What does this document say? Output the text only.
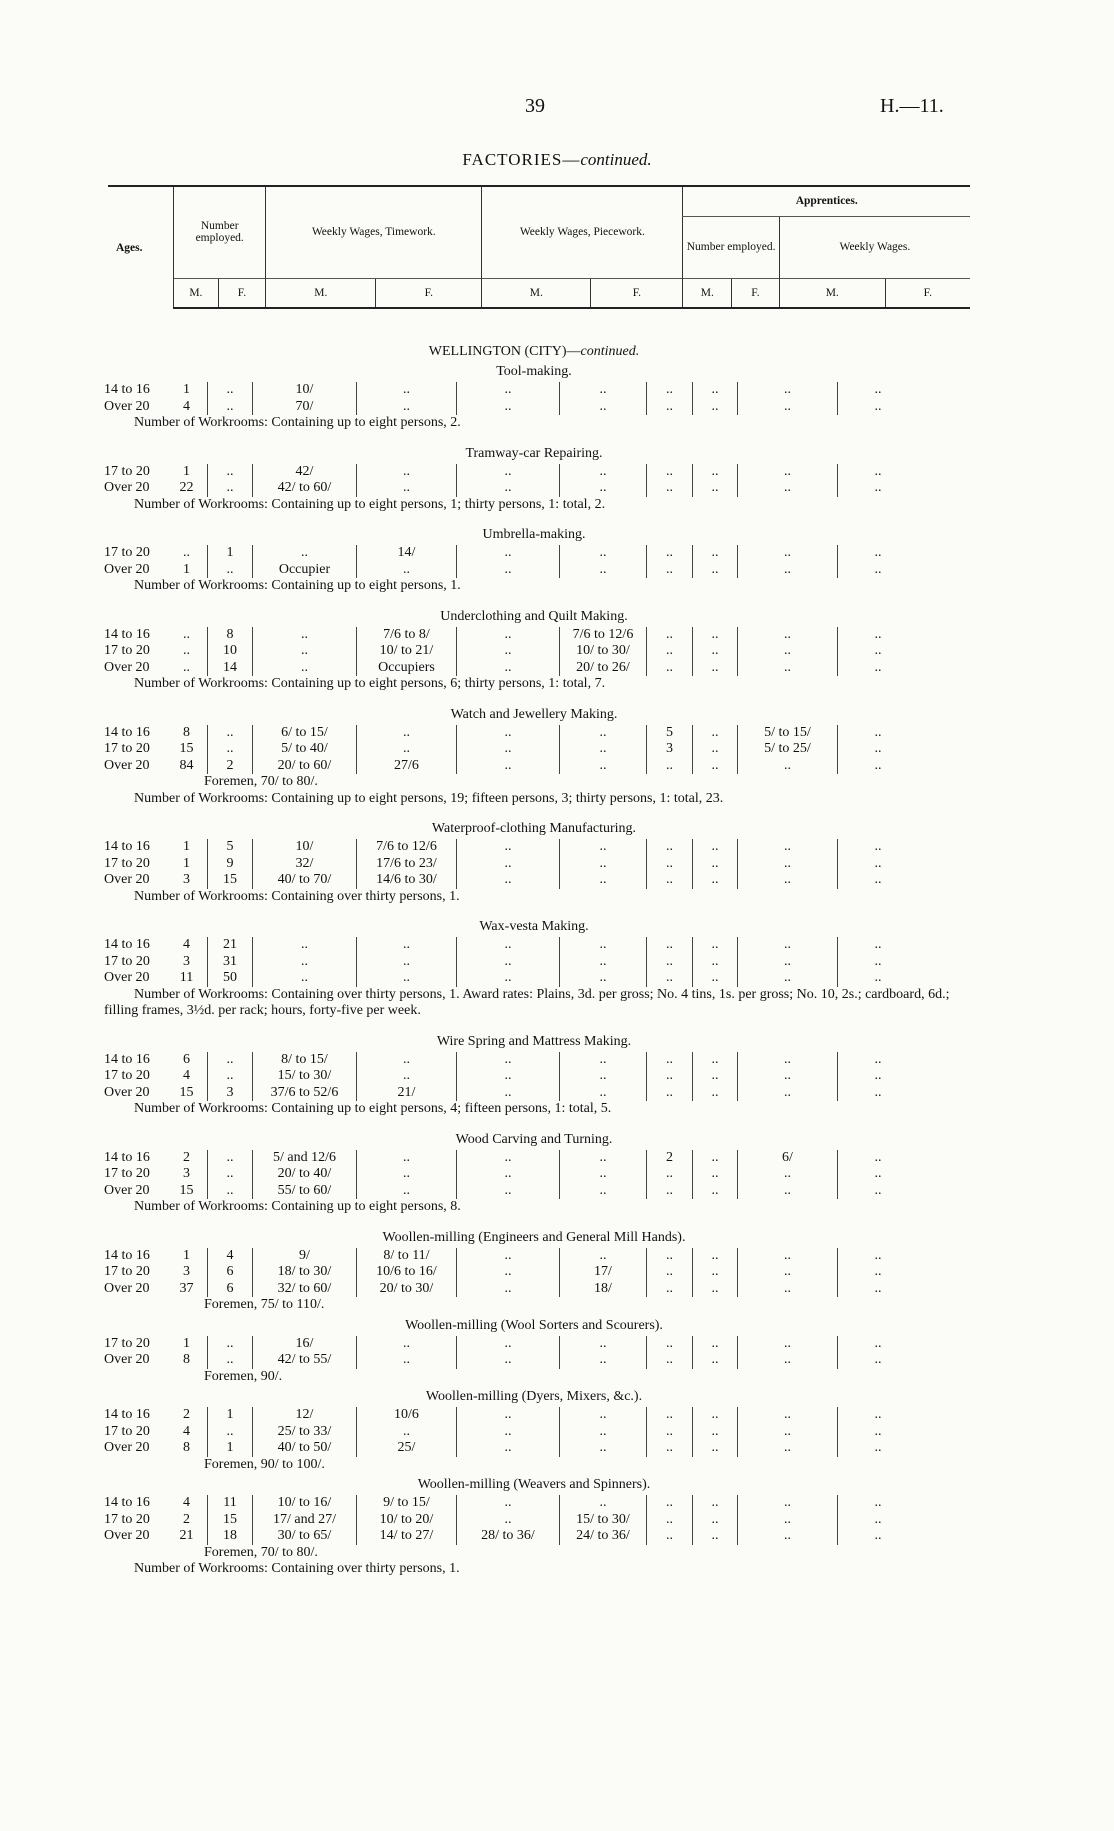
39	H.—11.
FACTORIES—continued.
Ages.	Number employed.		Weekly Wages, Timework.		Weekly Wages, Piecework.		Apprentices.			
							Number employed.		Weekly Wages.	
	M.	F.	M.	F.	M.	F.	M.	F.	M.	F.
WELLINGTON (CITY)—continued.
Tool-making.
14 to 16	1	..	10/	..	..	..	..	..	..	..
Over 20	4	..	70/	..	..	..	..	..	..	..
Number of Workrooms: Containing up to eight persons, 2.
Tramway-car Repairing.
17 to 20	1	..	42/	..	..	..	..	..	..	..
Over 20	22	..	42/ to 60/	..	..	..	..	..	..	..
Number of Workrooms: Containing up to eight persons, 1; thirty persons, 1: total, 2.
Umbrella-making.
17 to 20	..	1	..	14/	..	..	..	..	..	..
Over 20	1	..	Occupier	..	..	..	..	..	..	..
Number of Workrooms: Containing up to eight persons, 1.
Underclothing and Quilt Making.
14 to 16	..	8	..	7/6 to 8/	..	7/6 to 12/6	..	..	..	..
17 to 20	..	10	..	10/ to 21/	..	10/ to 30/	..	..	..	..
Over 20	..	14	..	Occupiers	..	20/ to 26/	..	..	..	..
Number of Workrooms: Containing up to eight persons, 6; thirty persons, 1: total, 7.
Watch and Jewellery Making.
14 to 16	8	..	6/ to 15/	..	..	..	5	..	5/ to 15/	..
17 to 20	15	..	5/ to 40/	..	..	..	3	..	5/ to 25/	..
Over 20	84	2	20/ to 60/	27/6	..	..	..	..	..	..
Foremen, 70/ to 80/.
Number of Workrooms: Containing up to eight persons, 19; fifteen persons, 3; thirty persons, 1: total, 23.
Waterproof-clothing Manufacturing.
14 to 16	1	5	10/	7/6 to 12/6	..	..	..	..	..	..
17 to 20	1	9	32/	17/6 to 23/	..	..	..	..	..	..
Over 20	3	15	40/ to 70/	14/6 to 30/	..	..	..	..	..	..
Number of Workrooms: Containing over thirty persons, 1.
Wax-vesta Making.
14 to 16	4	21	..	..	..	..	..	..	..	..
17 to 20	3	31	..	..	..	..	..	..	..	..
Over 20	11	50	..	..	..	..	..	..	..	..
Number of Workrooms: Containing over thirty persons, 1. Award rates: Plains, 3d. per gross; No. 4 tins, 1s. per gross; No. 10, 2s.; cardboard, 6d.; filling frames, 3½d. per rack; hours, forty-five per week.
Wire Spring and Mattress Making.
14 to 16	6	..	8/ to 15/	..	..	..	..	..	..	..
17 to 20	4	..	15/ to 30/	..	..	..	..	..	..	..
Over 20	15	3	37/6 to 52/6	21/	..	..	..	..	..	..
Number of Workrooms: Containing up to eight persons, 4; fifteen persons, 1: total, 5.
Wood Carving and Turning.
14 to 16	2	..	5/ and 12/6	..	..	..	2	..	6/	..
17 to 20	3	..	20/ to 40/	..	..	..	..	..	..	..
Over 20	15	..	55/ to 60/	..	..	..	..	..	..	..
Number of Workrooms: Containing up to eight persons, 8.
Woollen-milling (Engineers and General Mill Hands).
14 to 16	1	4	9/	8/ to 11/	..	..	..	..	..	..
17 to 20	3	6	18/ to 30/	10/6 to 16/	..	17/	..	..	..	..
Over 20	37	6	32/ to 60/	20/ to 30/	..	18/	..	..	..	..
Foremen, 75/ to 110/.
Woollen-milling (Wool Sorters and Scourers).
17 to 20	1	..	16/	..	..	..	..	..	..	..
Over 20	8	..	42/ to 55/	..	..	..	..	..	..	..
Foremen, 90/.
Woollen-milling (Dyers, Mixers, &c.).
14 to 16	2	1	12/	10/6	..	..	..	..	..	..
17 to 20	4	..	25/ to 33/	..	..	..	..	..	..	..
Over 20	8	1	40/ to 50/	25/	..	..	..	..	..	..
Foremen, 90/ to 100/.
Woollen-milling (Weavers and Spinners).
14 to 16	4	11	10/ to 16/	9/ to 15/	..	..	..	..	..	..
17 to 20	2	15	17/ and 27/	10/ to 20/	..	15/ to 30/	..	..	..	..
Over 20	21	18	30/ to 65/	14/ to 27/	28/ to 36/	24/ to 36/	..	..	..	..
Foremen, 70/ to 80/.
Number of Workrooms: Containing over thirty persons, 1.
